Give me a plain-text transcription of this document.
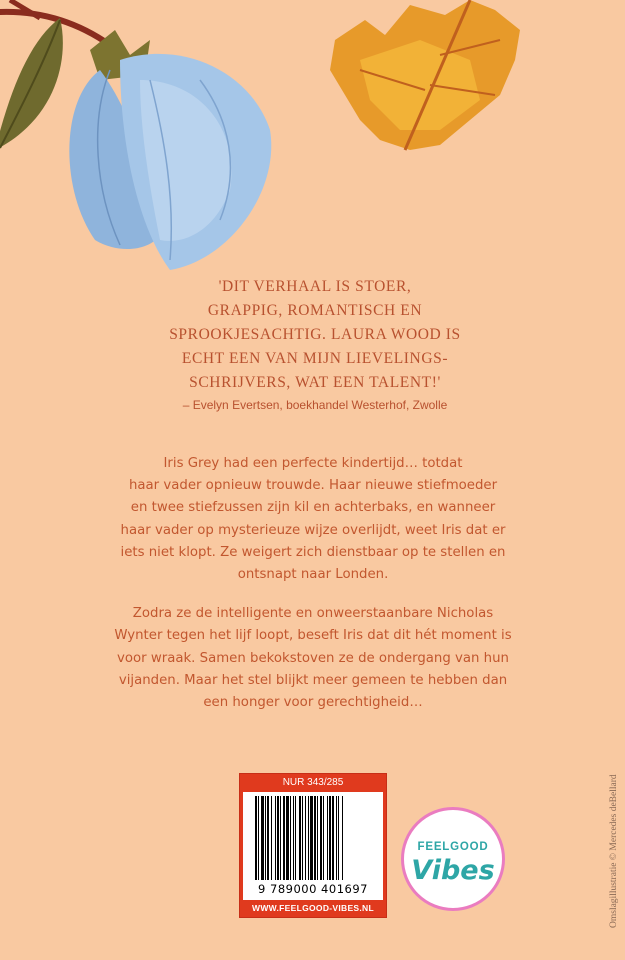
'DIT VERHAAL IS STOER,
GRAPPIG, ROMANTISCH EN
SPROOKJESACHTIG. LAURA WOOD IS
ECHT EEN VAN MIJN LIEVELINGS-
SCHRIJVERS, WAT EEN TALENT!'
– Evelyn Evertsen, boekhandel Westerhof, Zwolle
Iris Grey had een perfecte kindertijd… totdat
haar vader opnieuw trouwde. Haar nieuwe stiefmoeder
en twee stiefzussen zijn kil en achterbaks, en wanneer
haar vader op mysterieuze wijze overlijdt, weet Iris dat er
iets niet klopt. Ze weigert zich dienstbaar op te stellen en
ontsnapt naar Londen.
Zodra ze de intelligente en onweerstaanbare Nicholas
Wynter tegen het lijf loopt, beseft Iris dat dit hét moment is
voor wraak. Samen bekokstoven ze de ondergang van hun
vijanden. Maar het stel blijkt meer gemeen te hebben dan
een honger voor gerechtigheid…
NUR 343/285
9 789000 401697
WWW.FEELGOOD-VIBES.NL
FEELGOOD
Vibes	Omslagillustratie © Mercedes deBellard
